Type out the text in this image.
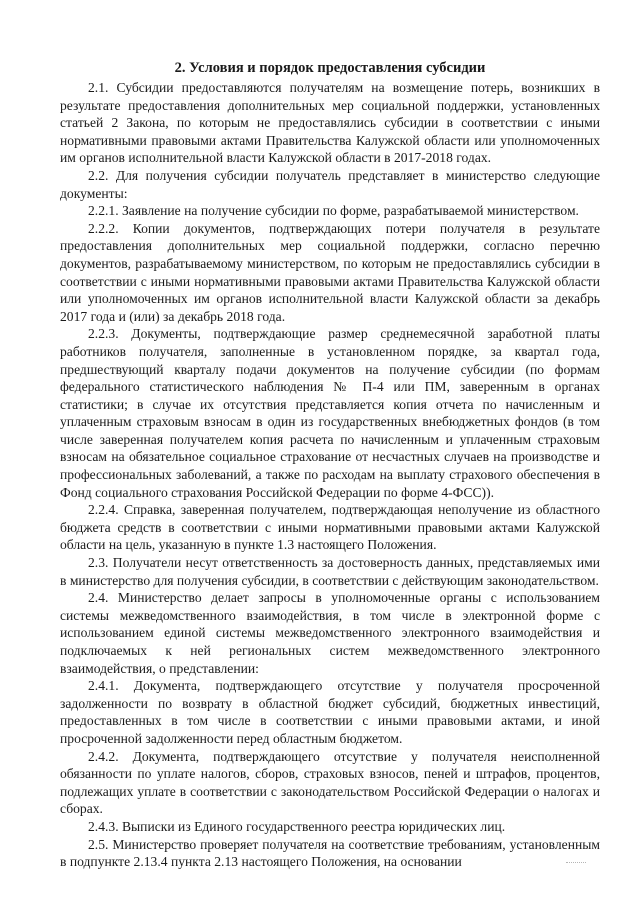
2. Условия и порядок предоставления субсидии

2.1. Субсидии предоставляются получателям на возмещение потерь, возникших в результате предоставления дополнительных мер социальной поддержки, установленных статьей 2 Закона, по которым не предоставлялись субсидии в соответствии с иными нормативными правовыми актами Правительства Калужской области или уполномоченных им органов исполнительной власти Калужской области в 2017-2018 годах.

2.2. Для получения субсидии получатель представляет в министерство следующие документы:

2.2.1. Заявление на получение субсидии по форме, разрабатываемой министерством.

2.2.2. Копии документов, подтверждающих потери получателя в результате предоставления дополнительных мер социальной поддержки, согласно перечню документов, разрабатываемому министерством, по которым не предоставлялись субсидии в соответствии с иными нормативными правовыми актами Правительства Калужской области или уполномоченных им органов исполнительной власти Калужской области за декабрь 2017 года и (или) за декабрь 2018 года.

2.2.3. Документы, подтверждающие размер среднемесячной заработной платы работников получателя, заполненные в установленном порядке, за квартал года, предшествующий кварталу подачи документов на получение субсидии (по формам федерального статистического наблюдения № П-4 или ПМ, заверенным в органах статистики; в случае их отсутствия представляется копия отчета по начисленным и уплаченным страховым взносам в один из государственных внебюджетных фондов (в том числе заверенная получателем копия расчета по начисленным и уплаченным страховым взносам на обязательное социальное страхование от несчастных случаев на производстве и профессиональных заболеваний, а также по расходам на выплату страхового обеспечения в Фонд социального страхования Российской Федерации по форме 4-ФСС)).

2.2.4. Справка, заверенная получателем, подтверждающая неполучение из областного бюджета средств в соответствии с иными нормативными правовыми актами Калужской области на цель, указанную в пункте 1.3 настоящего Положения.

2.3. Получатели несут ответственность за достоверность данных, представляемых ими в министерство для получения субсидии, в соответствии с действующим законодательством.

2.4. Министерство делает запросы в уполномоченные органы с использованием системы межведомственного взаимодействия, в том числе в электронной форме с использованием единой системы межведомственного электронного взаимодействия и подключаемых к ней региональных систем межведомственного электронного взаимодействия, о представлении:

2.4.1. Документа, подтверждающего отсутствие у получателя просроченной задолженности по возврату в областной бюджет субсидий, бюджетных инвестиций, предоставленных в том числе в соответствии с иными правовыми актами, и иной просроченной задолженности перед областным бюджетом.

2.4.2. Документа, подтверждающего отсутствие у получателя неисполненной обязанности по уплате налогов, сборов, страховых взносов, пеней и штрафов, процентов, подлежащих уплате в соответствии с законодательством Российской Федерации о налогах и сборах.

2.4.3. Выписки из Единого государственного реестра юридических лиц.

2.5. Министерство проверяет получателя на соответствие требованиям, установленным в подпункте 2.13.4 пункта 2.13 настоящего Положения, на основании
